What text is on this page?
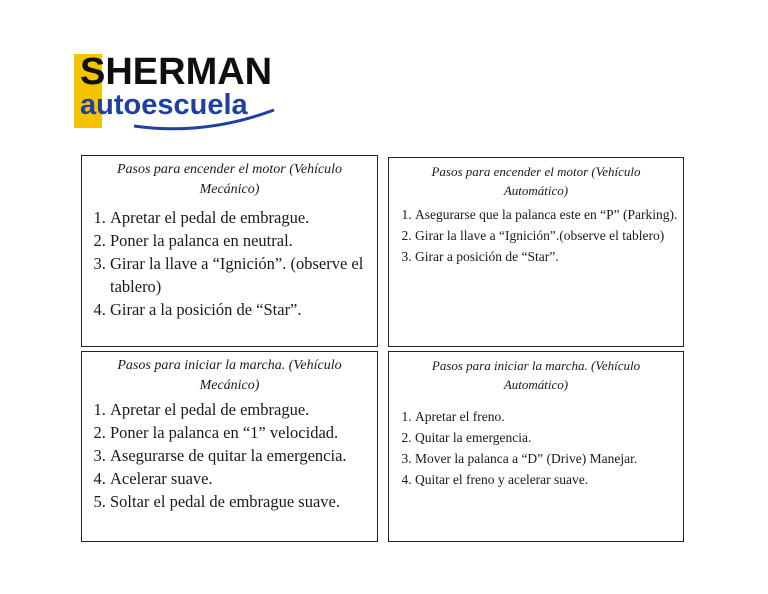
SHERMAN
autoescuela
Pasos para encender el motor (Vehículo Mecánico)
1. Apretar el pedal de embrague.
2. Poner la palanca en neutral.
3. Girar la llave a “Ignición”. (observe el tablero)
4. Girar a la posición de “Star”.
Pasos para encender el motor (Vehículo Automático)
1. Asegurarse que la palanca este en “P” (Parking).
2. Girar la llave a “Ignición”.(observe el tablero)
3. Girar a posición de “Star”.
Pasos para iniciar la marcha. (Vehículo Mecánico)
1. Apretar el pedal de embrague.
2. Poner la palanca en “1” velocidad.
3. Asegurarse de quitar la emergencia.
4. Acelerar suave.
5. Soltar el pedal de embrague suave.
Pasos para iniciar la marcha. (Vehículo Automático)
1. Apretar el freno.
2. Quitar la emergencia.
3. Mover la palanca a “D” (Drive) Manejar.
4. Quitar el freno y acelerar suave.
